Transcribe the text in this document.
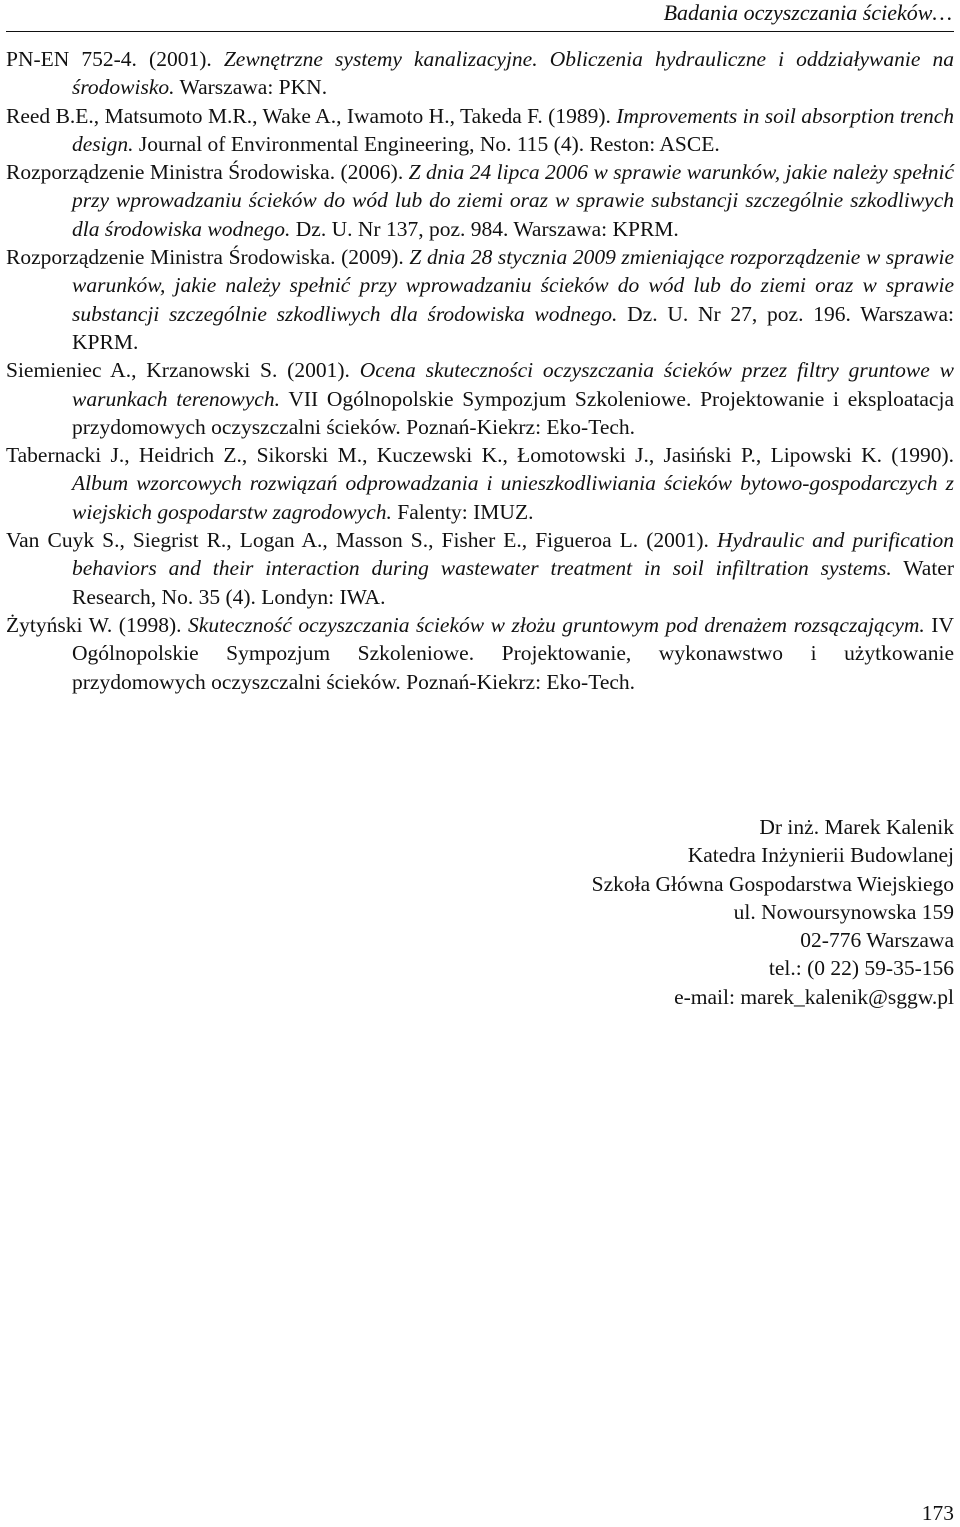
Badania oczyszczania ścieków…
PN-EN 752-4. (2001). Zewnętrzne systemy kanalizacyjne. Obliczenia hydrauliczne i oddziaływanie na środowisko. Warszawa: PKN.
Reed B.E., Matsumoto M.R., Wake A., Iwamoto H., Takeda F. (1989). Improvements in soil absorption trench design. Journal of Environmental Engineering, No. 115 (4). Reston: ASCE.
Rozporządzenie Ministra Środowiska. (2006). Z dnia 24 lipca 2006 w sprawie warunków, jakie należy spełnić przy wprowadzaniu ścieków do wód lub do ziemi oraz w sprawie substancji szczególnie szkodliwych dla środowiska wodnego. Dz. U. Nr 137, poz. 984. Warszawa: KPRM.
Rozporządzenie Ministra Środowiska. (2009). Z dnia 28 stycznia 2009 zmieniające rozporządzenie w sprawie warunków, jakie należy spełnić przy wprowadzaniu ścieków do wód lub do ziemi oraz w sprawie substancji szczególnie szkodliwych dla środowiska wodnego. Dz. U. Nr 27, poz. 196. Warszawa: KPRM.
Siemieniec A., Krzanowski S. (2001). Ocena skuteczności oczyszczania ścieków przez filtry gruntowe w warunkach terenowych. VII Ogólnopolskie Sympozjum Szkoleniowe. Projektowanie i eksploatacja przydomowych oczyszczalni ścieków. Poznań-Kiekrz: Eko-Tech.
Tabernacki J., Heidrich Z., Sikorski M., Kuczewski K., Łomotowski J., Jasiński P., Lipowski K. (1990). Album wzorcowych rozwiązań odprowadzania i unieszkodliwiania ścieków bytowo-gospodarczych z wiejskich gospodarstw zagrodowych. Falenty: IMUZ.
Van Cuyk S., Siegrist R., Logan A., Masson S., Fisher E., Figueroa L. (2001). Hydraulic and purification behaviors and their interaction during wastewater treatment in soil infiltration systems. Water Research, No. 35 (4). Londyn: IWA.
Żytyński W. (1998). Skuteczność oczyszczania ścieków w złożu gruntowym pod drenażem rozsączającym. IV Ogólnopolskie Sympozjum Szkoleniowe. Projektowanie, wykonawstwo i użytkowanie przydomowych oczyszczalni ścieków. Poznań-Kiekrz: Eko-Tech.
Dr inż. Marek Kalenik
Katedra Inżynierii Budowlanej
Szkoła Główna Gospodarstwa Wiejskiego
ul. Nowoursynowska 159
02-776 Warszawa
tel.: (0 22) 59-35-156
e-mail: marek_kalenik@sggw.pl
173
